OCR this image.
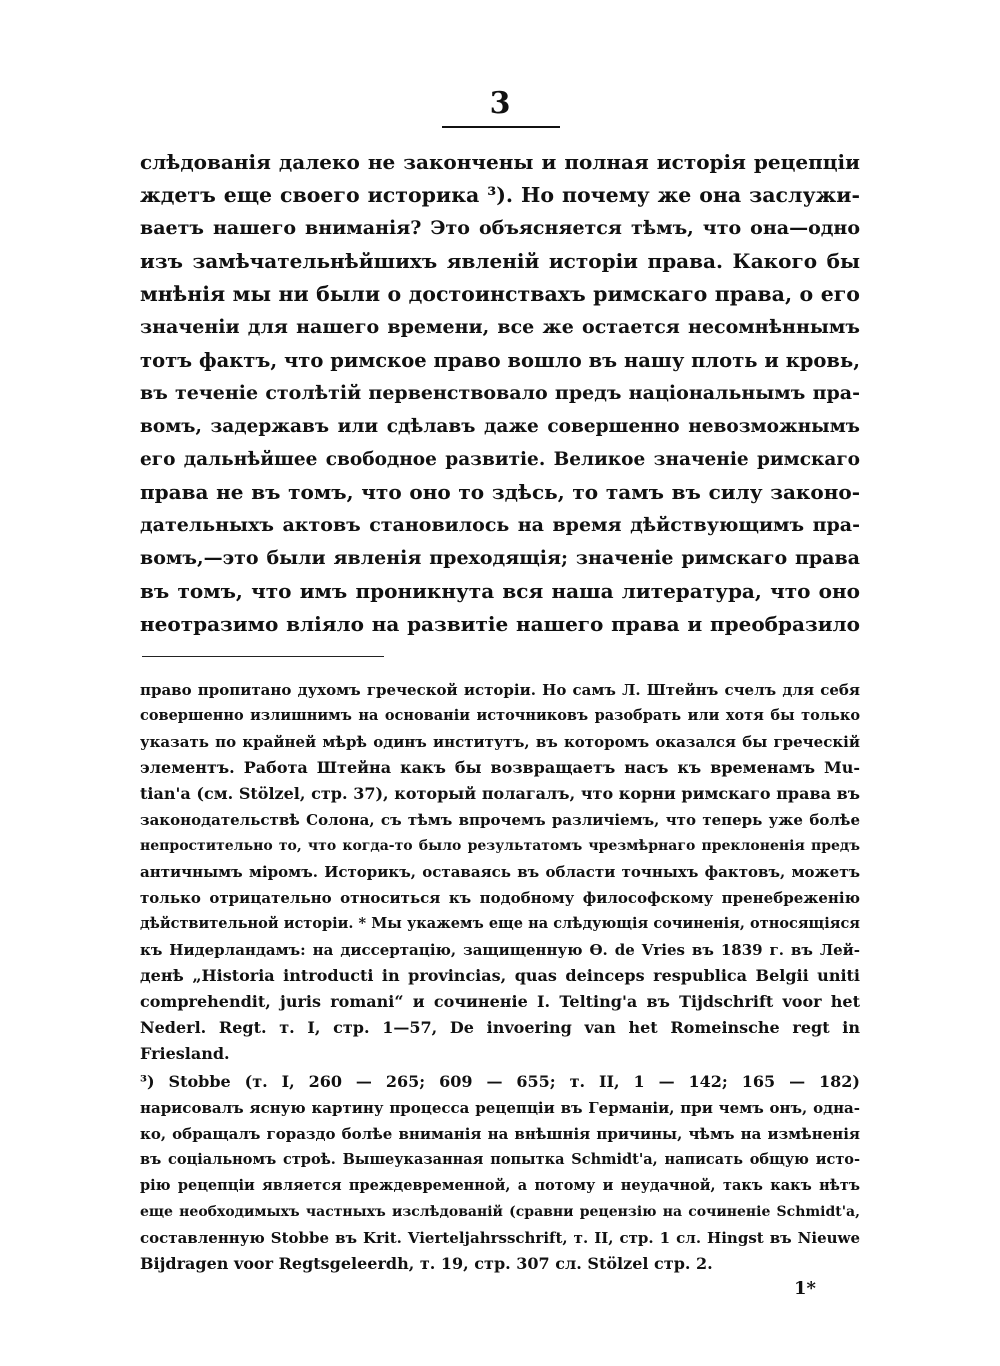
3
слѣдованія далеко не закончены и полная исторія рецепціи
ждетъ еще своего историка ³). Но почему же она заслужи-
ваетъ нашего вниманія? Это объясняется тѣмъ, что она—одно
изъ замѣчательнѣйшихъ явленій исторіи права. Какого бы
мнѣнія мы ни были о достоинствахъ римскаго права, о его
значеніи для нашего времени, все же остается несомнѣннымъ
тотъ фактъ, что римское право вошло въ нашу плоть и кровь,
въ теченіе столѣтій первенствовало предъ національнымъ пра-
вомъ, задержавъ или сдѣлавъ даже совершенно невозможнымъ
его дальнѣйшее свободное развитіе. Великое значеніе римскаго
права не въ томъ, что оно то здѣсь, то тамъ въ силу законо-
дательныхъ актовъ становилось на время дѣйствующимъ пра-
вомъ,—это были явленія преходящія; значеніе римскаго права
въ томъ, что имъ проникнута вся наша литература, что оно
неотразимо вліяло на развитіе нашего права и преобразило
право пропитано духомъ греческой исторіи. Но самъ Л. Штейнъ счелъ для себя
совершенно излишнимъ на основаніи источниковъ разобрать или хотя бы только
указать по крайней мѣрѣ одинъ институтъ, въ которомъ оказался бы греческій
элементъ. Работа Штейна какъ бы возвращаетъ насъ къ временамъ Mu-
tian'a (см. Stölzel, стр. 37), который полагалъ, что корни римскаго права въ
законодательствѣ Солона, съ тѣмъ впрочемъ различіемъ, что теперь уже болѣе
непростительно то, что когда-то было результатомъ чрезмѣрнаго преклоненія предъ
античнымъ міромъ. Историкъ, оставаясь въ области точныхъ фактовъ, можетъ
только отрицательно относиться къ подобному философскому пренебреженію
дѣйствительной исторіи. * Мы укажемъ еще на слѣдующія сочиненія, относящіяся
къ Нидерландамъ: на диссертацію, защищенную Ѳ. de Vries въ 1839 г. въ Лей-
денѣ „Historia introducti in provincias, quas deinceps respublica Belgii uniti
comprehendit, juris romani“ и сочиненіе I. Telting'a въ Tijdschrift voor het
Nederl. Regt. т. I, стр. 1—57, De invoering van het Romeinsche regt in
Friesland.
³) Stobbe (т. I, 260 — 265; 609 — 655; т. II, 1 — 142; 165 — 182)
нарисовалъ ясную картину процесса рецепціи въ Германіи, при чемъ онъ, одна-
ко, обращалъ гораздо болѣе вниманія на внѣшнія причины, чѣмъ на измѣненія
въ соціальномъ строѣ. Вышеуказанная попытка Schmidt'a, написать общую исто-
рію рецепціи является преждевременной, а потому и неудачной, такъ какъ нѣтъ
еще необходимыхъ частныхъ изслѣдованій (сравни рецензію на сочиненіе Schmidt'a,
составленную Stobbe въ Krit. Vierteljahrsschrift, т. II, стр. 1 сл. Hingst въ Nieuwe
Bijdragen voor Regtsgeleerdh, т. 19, стр. 307 сл. Stölzel стр. 2.
1*
